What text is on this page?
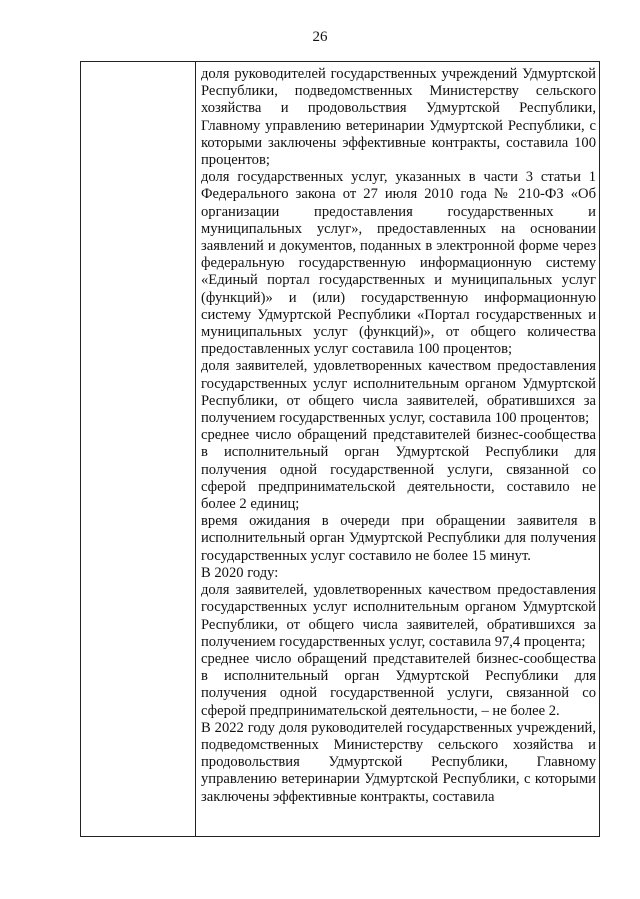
26

доля руководителей государственных учреждений Удмуртской Республики, подведомственных Министерству сельского хозяйства и продовольствия Удмуртской Республики, Главному управлению ветеринарии Удмуртской Республики, с которыми заключены эффективные контракты, составила 100 процентов;

доля государственных услуг, указанных в части 3 статьи 1 Федерального закона от 27 июля 2010 года № 210-ФЗ «Об организации предоставления государственных и муниципальных услуг», предоставленных на основании заявлений и документов, поданных в электронной форме через федеральную государственную информационную систему «Единый портал государственных и муниципальных услуг (функций)» и (или) государственную информационную систему Удмуртской Республики «Портал государственных и муниципальных услуг (функций)», от общего количества предоставленных услуг составила 100 процентов;

доля заявителей, удовлетворенных качеством предоставления государственных услуг исполнительным органом Удмуртской Республики, от общего числа заявителей, обратившихся за получением государственных услуг, составила 100 процентов;

среднее число обращений представителей бизнес-сообщества в исполнительный орган Удмуртской Республики для получения одной государственной услуги, связанной со сферой предпринимательской деятельности, составило не более 2 единиц;

время ожидания в очереди при обращении заявителя в исполнительный орган Удмуртской Республики для получения государственных услуг составило не более 15 минут.

В 2020 году:

доля заявителей, удовлетворенных качеством предоставления государственных услуг исполнительным органом Удмуртской Республики, от общего числа заявителей, обратившихся за получением государственных услуг, составила 97,4 процента;

среднее число обращений представителей бизнес-сообщества в исполнительный орган Удмуртской Республики для получения одной государственной услуги, связанной со сферой предпринимательской деятельности, – не более 2.

В 2022 году доля руководителей государственных учреждений, подведомственных Министерству сельского хозяйства и продовольствия Удмуртской Республики, Главному управлению ветеринарии Удмуртской Республики, с которыми заключены эффективные контракты, составила
